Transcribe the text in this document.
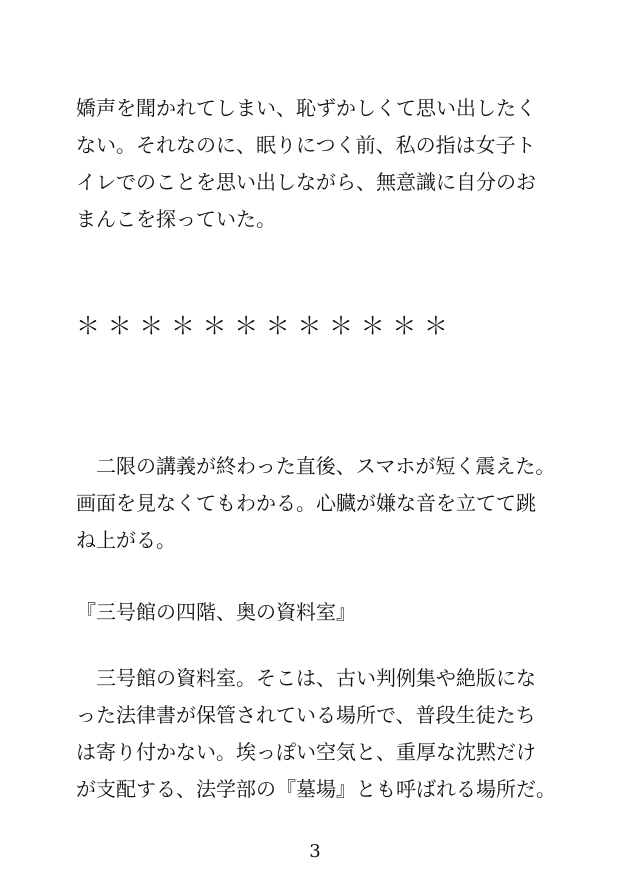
嬌声を聞かれてしまい、恥ずかしくて思い出したく
ない。それなのに、眠りにつく前、私の指は女子ト
イレでのことを思い出しながら、無意識に自分のお
まんこを探っていた。

＊ ＊ ＊ ＊ ＊ ＊ ＊ ＊ ＊ ＊ ＊ ＊

　二限の講義が終わった直後、スマホが短く震えた。
画面を見なくてもわかる。心臓が嫌な音を立てて跳
ね上がる。

『三号館の四階、奥の資料室』

　三号館の資料室。そこは、古い判例集や絶版にな
った法律書が保管されている場所で、普段生徒たち
は寄り付かない。埃っぽい空気と、重厚な沈黙だけ
が支配する、法学部の『墓場』とも呼ばれる場所だ。

3
